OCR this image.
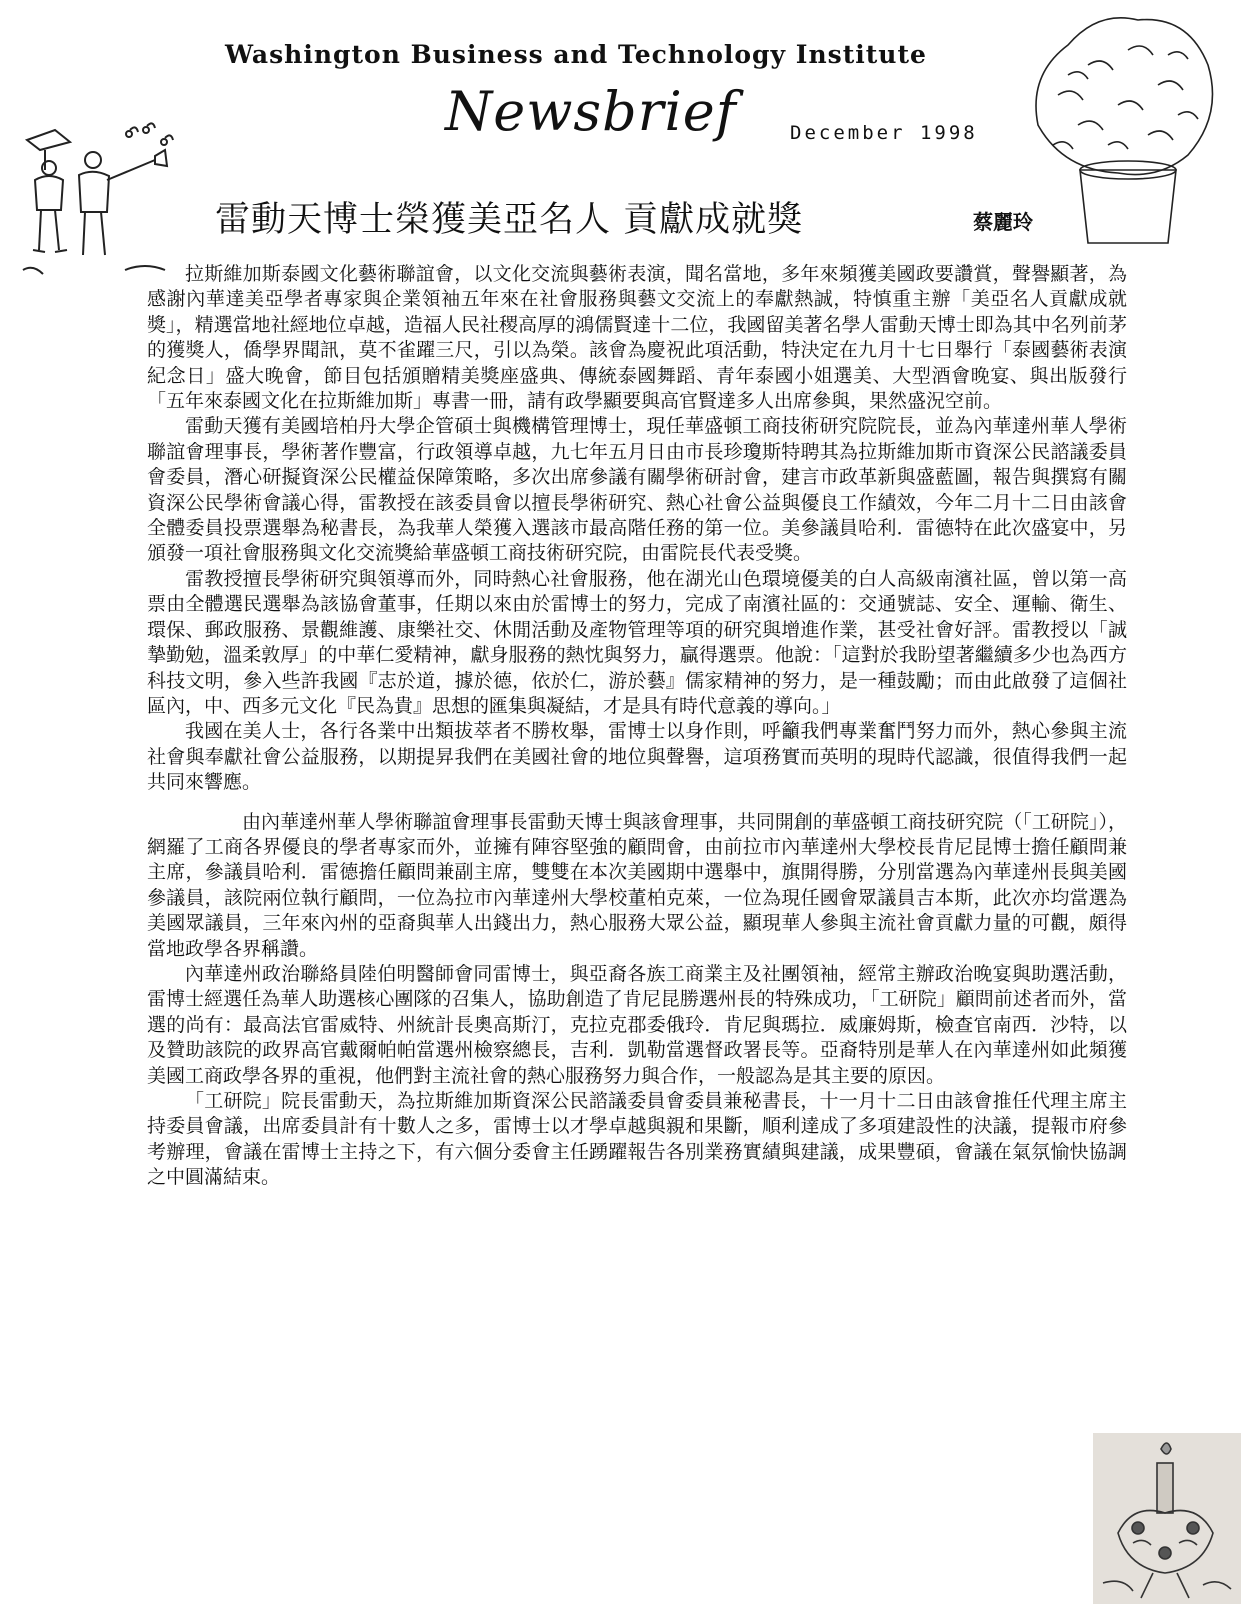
Washington Business and Technology Institute
Newsbrief	December 1998
雷動天博士榮獲美亞名人 貢獻成就獎	蔡麗玲

拉斯維加斯泰國文化藝術聯誼會，以文化交流與藝術表演，聞名當地，多年來頻獲美國政要讚賞，聲譽顯著，為感謝內華達美亞學者專家與企業領袖五年來在社會服務與藝文交流上的奉獻熱誠，特慎重主辦「美亞名人貢獻成就獎」，精選當地社經地位卓越，造福人民社稷高厚的鴻儒賢達十二位，我國留美著名學人雷動天博士即為其中名列前茅的獲獎人，僑學界聞訊，莫不雀躍三尺，引以為榮。該會為慶祝此項活動，特決定在九月十七日舉行「泰國藝術表演紀念日」盛大晚會，節目包括頒贈精美獎座盛典、傳統泰國舞蹈、青年泰國小姐選美、大型酒會晚宴、與出版發行「五年來泰國文化在拉斯維加斯」專書一冊，請有政學顯要與高官賢達多人出席參與，果然盛況空前。

雷動天獲有美國培柏丹大學企管碩士與機構管理博士，現任華盛頓工商技術研究院院長，並為內華達州華人學術聯誼會理事長，學術著作豐富，行政領導卓越，九七年五月日由市長珍瓊斯特聘其為拉斯維加斯市資深公民諮議委員會委員，潛心研擬資深公民權益保障策略，多次出席參議有關學術研討會，建言市政革新與盛藍圖，報告與撰寫有關資深公民學術會議心得，雷教授在該委員會以擅長學術研究、熱心社會公益與優良工作績效，今年二月十二日由該會全體委員投票選舉為秘書長，為我華人榮獲入選該市最高階任務的第一位。美參議員哈利．雷德特在此次盛宴中，另頒發一項社會服務與文化交流獎給華盛頓工商技術研究院，由雷院長代表受獎。

雷教授擅長學術研究與領導而外，同時熱心社會服務，他在湖光山色環境優美的白人高級南濱社區，曾以第一高票由全體選民選舉為該協會董事，任期以來由於雷博士的努力，完成了南濱社區的：交通號誌、安全、運輸、衛生、環保、郵政服務、景觀維護、康樂社交、休閒活動及產物管理等項的研究與增進作業，甚受社會好評。雷教授以「誠摯勤勉，溫柔敦厚」的中華仁愛精神，獻身服務的熱忱與努力，贏得選票。他說：「這對於我盼望著繼續多少也為西方科技文明，參入些許我國『志於道，據於德，依於仁，游於藝』儒家精神的努力，是一種鼓勵；而由此啟發了這個社區內，中、西多元文化『民為貴』思想的匯集與凝結，才是具有時代意義的導向。」

我國在美人士，各行各業中出類拔萃者不勝枚舉，雷博士以身作則，呼籲我們專業奮鬥努力而外，熱心參與主流社會與奉獻社會公益服務，以期提昇我們在美國社會的地位與聲譽，這項務實而英明的現時代認識，很值得我們一起共同來響應。

由內華達州華人學術聯誼會理事長雷動天博士與該會理事，共同開創的華盛頓工商技研究院（「工研院」），網羅了工商各界優良的學者專家而外，並擁有陣容堅強的顧問會，由前拉市內華達州大學校長肯尼昆博士擔任顧問兼主席，參議員哈利．雷德擔任顧問兼副主席，雙雙在本次美國期中選舉中，旗開得勝，分別當選為內華達州長與美國參議員，該院兩位執行顧問，一位為拉市內華達州大學校董柏克萊，一位為現任國會眾議員吉本斯，此次亦均當選為美國眾議員，三年來內州的亞裔與華人出錢出力，熱心服務大眾公益，顯現華人參與主流社會貢獻力量的可觀，頗得當地政學各界稱讚。

內華達州政治聯絡員陸伯明醫師會同雷博士，與亞裔各族工商業主及社團領袖，經常主辦政治晚宴與助選活動，雷博士經選任為華人助選核心團隊的召集人，協助創造了肯尼昆勝選州長的特殊成功，「工研院」顧問前述者而外，當選的尚有：最高法官雷威特、州統計長奧高斯汀，克拉克郡委俄玲．肯尼與瑪拉．威廉姆斯，檢查官南西．沙特，以及贊助該院的政界高官戴爾帕帕當選州檢察總長，吉利．凱勒當選督政署長等。亞裔特別是華人在內華達州如此頻獲美國工商政學各界的重視，他們對主流社會的熱心服務努力與合作，一般認為是其主要的原因。

「工研院」院長雷動天，為拉斯維加斯資深公民諮議委員會委員兼秘書長，十一月十二日由該會推任代理主席主持委員會議，出席委員計有十數人之多，雷博士以才學卓越與親和果斷，順利達成了多項建設性的決議，提報市府參考辦理，會議在雷博士主持之下，有六個分委會主任踴躍報告各別業務實績與建議，成果豐碩，會議在氣氛愉快協調之中圓滿結束。
